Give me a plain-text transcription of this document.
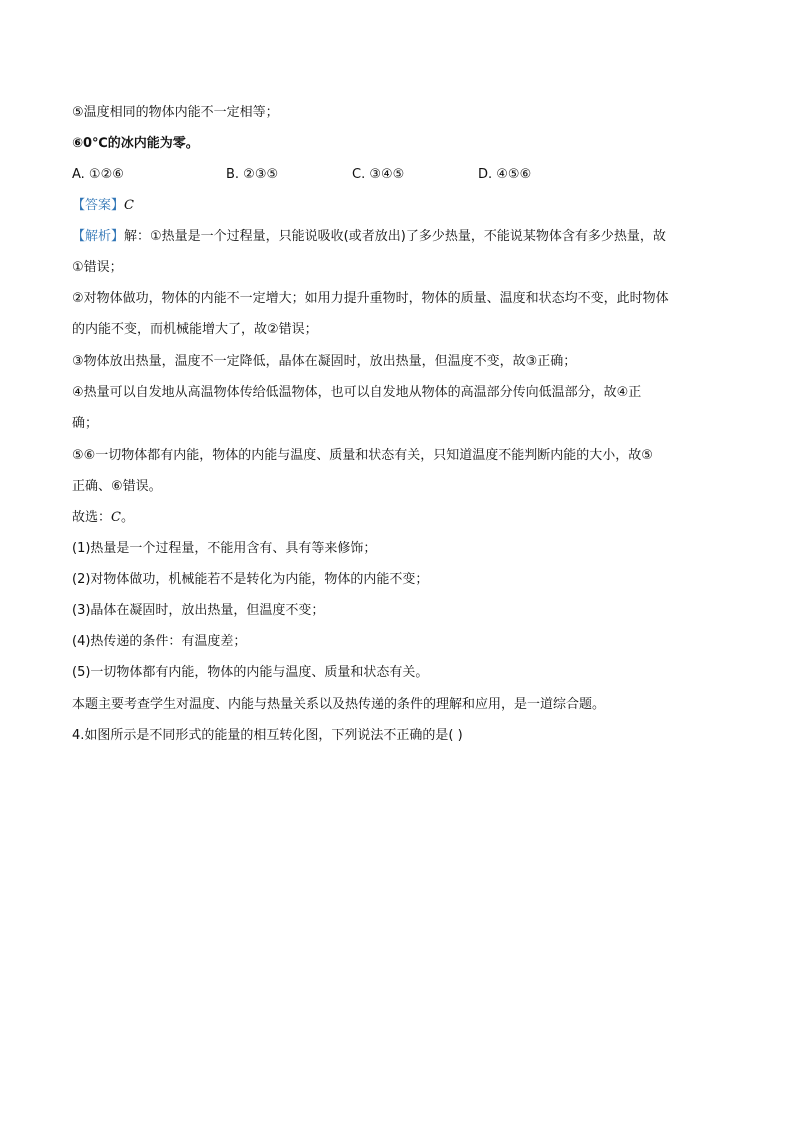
⑤温度相同的物体内能不一定相等；
⑥0℃的冰内能为零。
A. ①②⑥	B. ②③⑤	C. ③④⑤	D. ④⑤⑥
【答案】C
【解析】解：①热量是一个过程量，只能说吸收(或者放出)了多少热量，不能说某物体含有多少热量，故
①错误；
②对物体做功，物体的内能不一定增大；如用力提升重物时，物体的质量、温度和状态均不变，此时物体
的内能不变，而机械能增大了，故②错误；
③物体放出热量，温度不一定降低，晶体在凝固时，放出热量，但温度不变，故③正确；
④热量可以自发地从高温物体传给低温物体，也可以自发地从物体的高温部分传向低温部分，故④正
确；
⑤⑥一切物体都有内能，物体的内能与温度、质量和状态有关，只知道温度不能判断内能的大小，故⑤
正确、⑥错误。
故选：C。
(1)热量是一个过程量，不能用含有、具有等来修饰；
(2)对物体做功，机械能若不是转化为内能，物体的内能不变；
(3)晶体在凝固时，放出热量，但温度不变；
(4)热传递的条件：有温度差；
(5)一切物体都有内能，物体的内能与温度、质量和状态有关。
本题主要考查学生对温度、内能与热量关系以及热传递的条件的理解和应用，是一道综合题。
4.如图所示是不同形式的能量的相互转化图，下列说法不正确的是( )
